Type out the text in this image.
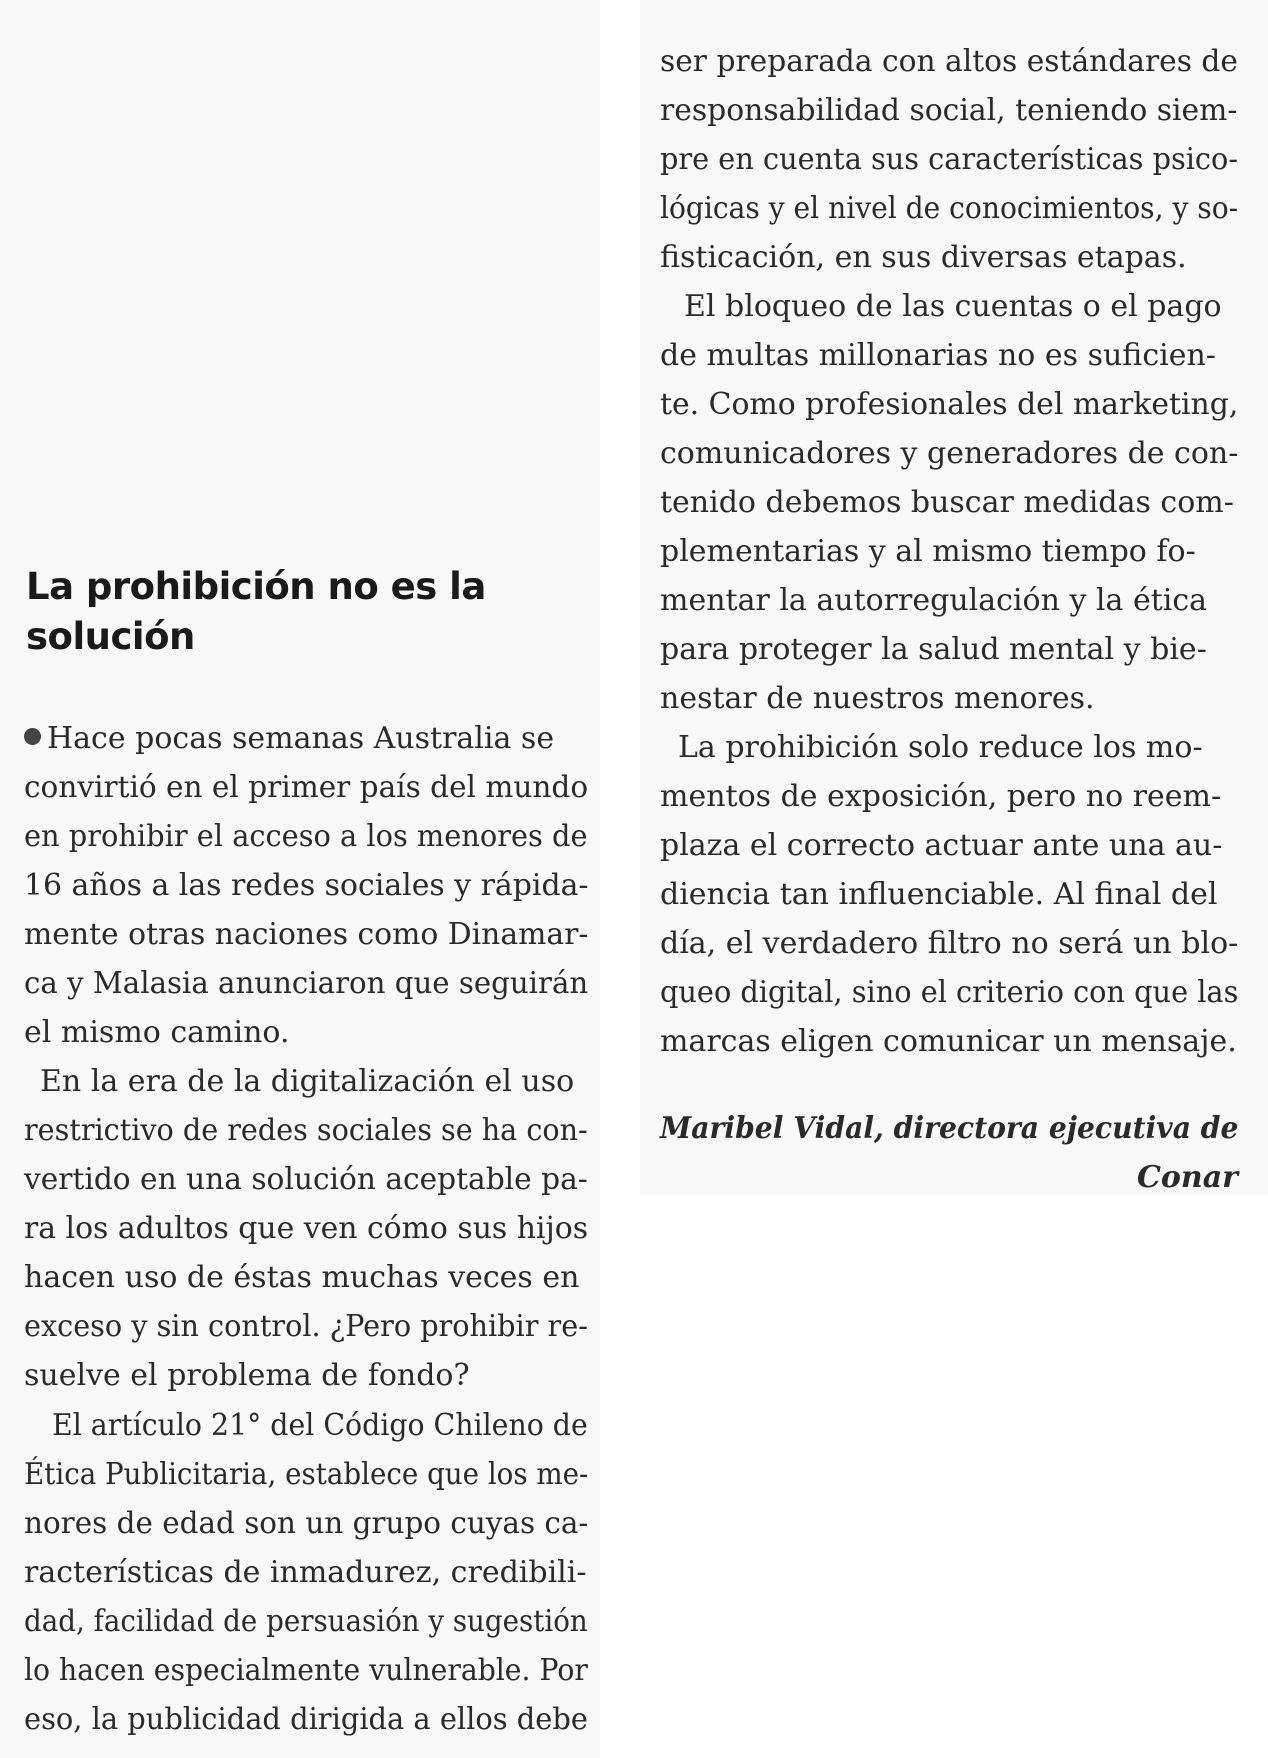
La prohibición no es la
solución
Hace pocas semanas Australia se
convirtió en el primer país del mundo
en prohibir el acceso a los menores de
16 años a las redes sociales y rápida-
mente otras naciones como Dinamar-
ca y Malasia anunciaron que seguirán
el mismo camino.
En la era de la digitalización el uso
restrictivo de redes sociales se ha con-
vertido en una solución aceptable pa-
ra los adultos que ven cómo sus hijos
hacen uso de éstas muchas veces en
exceso y sin control. ¿Pero prohibir re-
suelve el problema de fondo?
El artículo 21° del Código Chileno de
Ética Publicitaria, establece que los me-
nores de edad son un grupo cuyas ca-
racterísticas de inmadurez, credibili-
dad, facilidad de persuasión y sugestión
lo hacen especialmente vulnerable. Por
eso, la publicidad dirigida a ellos debe
ser preparada con altos estándares de
responsabilidad social, teniendo siem-
pre en cuenta sus características psico-
lógicas y el nivel de conocimientos, y so-
fisticación, en sus diversas etapas.
El bloqueo de las cuentas o el pago
de multas millonarias no es suficien-
te. Como profesionales del marketing,
comunicadores y generadores de con-
tenido debemos buscar medidas com-
plementarias y al mismo tiempo fo-
mentar la autorregulación y la ética
para proteger la salud mental y bie-
nestar de nuestros menores.
La prohibición solo reduce los mo-
mentos de exposición, pero no reem-
plaza el correcto actuar ante una au-
diencia tan influenciable. Al final del
día, el verdadero filtro no será un blo-
queo digital, sino el criterio con que las
marcas eligen comunicar un mensaje.
Maribel Vidal, directora ejecutiva de
Conar
